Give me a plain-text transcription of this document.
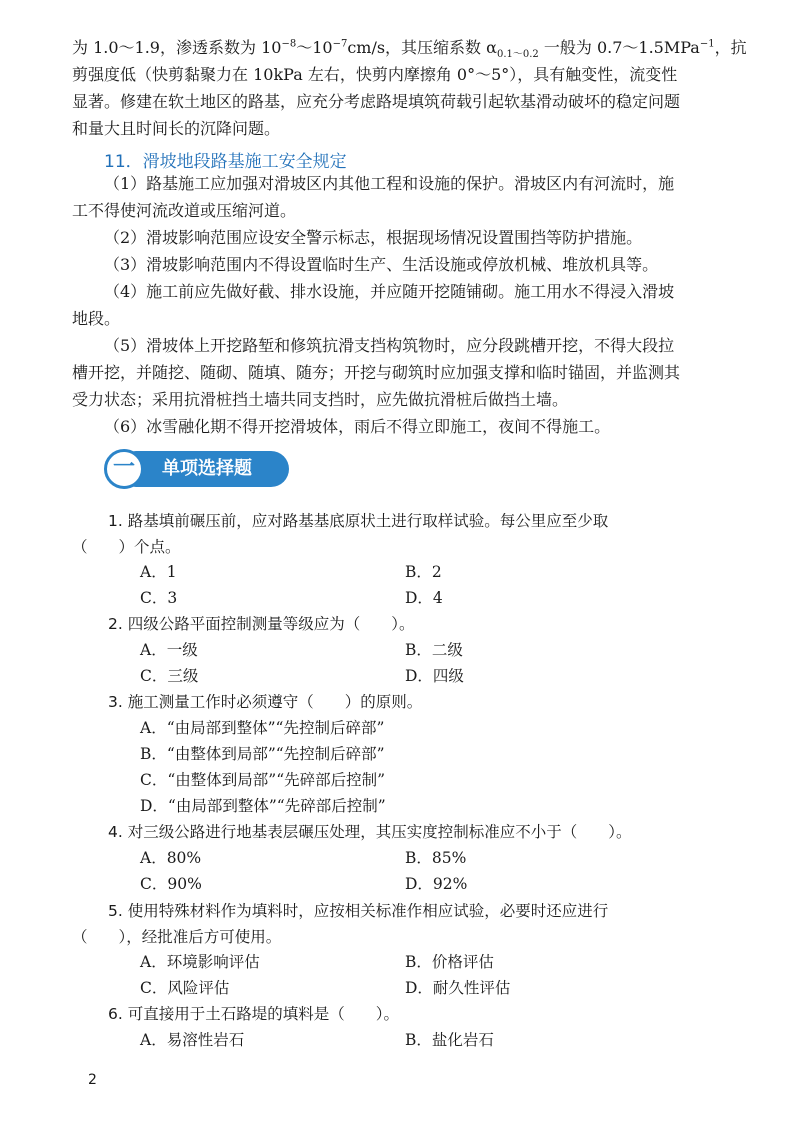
为 1.0～1.9，渗透系数为 $10^{-8}\sim 10^{-7}cm/s$，其压缩系数 $\alpha_{0.1\sim 0.2}$ 一般为 0.7～1.5MPa$^{-1}$，抗
剪强度低（快剪黏聚力在 10kPa 左右，快剪内摩擦角 0°～5°），具有触变性，流变性
显著。修建在软土地区的路基，应充分考虑路堤填筑荷载引起软基滑动破坏的稳定问题
和量大且时间长的沉降问题。
11．滑坡地段路基施工安全规定
（1）路基施工应加强对滑坡区内其他工程和设施的保护。滑坡区内有河流时，施
工不得使河流改道或压缩河道。
（2）滑坡影响范围应设安全警示标志，根据现场情况设置围挡等防护措施。
（3）滑坡影响范围内不得设置临时生产、生活设施或停放机械、堆放机具等。
（4）施工前应先做好截、排水设施，并应随开挖随铺砌。施工用水不得浸入滑坡
地段。
（5）滑坡体上开挖路堑和修筑抗滑支挡构筑物时，应分段跳槽开挖，不得大段拉
槽开挖，并随挖、随砌、随填、随夯；开挖与砌筑时应加强支撑和临时锚固，并监测其
受力状态；采用抗滑桩挡土墙共同支挡时，应先做抗滑桩后做挡土墙。
（6）冰雪融化期不得开挖滑坡体，雨后不得立即施工，夜间不得施工。
一	单项选择题
1. 路基填前碾压前，应对路基基底原状土进行取样试验。每公里应至少取
（　　）个点。
A．1	B．2
C．3	D．4
2. 四级公路平面控制测量等级应为（　　）。
A．一级	B．二级
C．三级	D．四级
3. 施工测量工作时必须遵守（　　）的原则。
A．“由局部到整体”“先控制后碎部”
B．“由整体到局部”“先控制后碎部”
C．“由整体到局部”“先碎部后控制”
D．“由局部到整体”“先碎部后控制”
4. 对三级公路进行地基表层碾压处理，其压实度控制标准应不小于（　　）。
A．80%	B．85%
C．90%	D．92%
5. 使用特殊材料作为填料时，应按相关标准作相应试验，必要时还应进行
（　　），经批准后方可使用。
A．环境影响评估	B．价格评估
C．风险评估	D．耐久性评估
6. 可直接用于土石路堤的填料是（　　）。
A．易溶性岩石	B．盐化岩石
2
